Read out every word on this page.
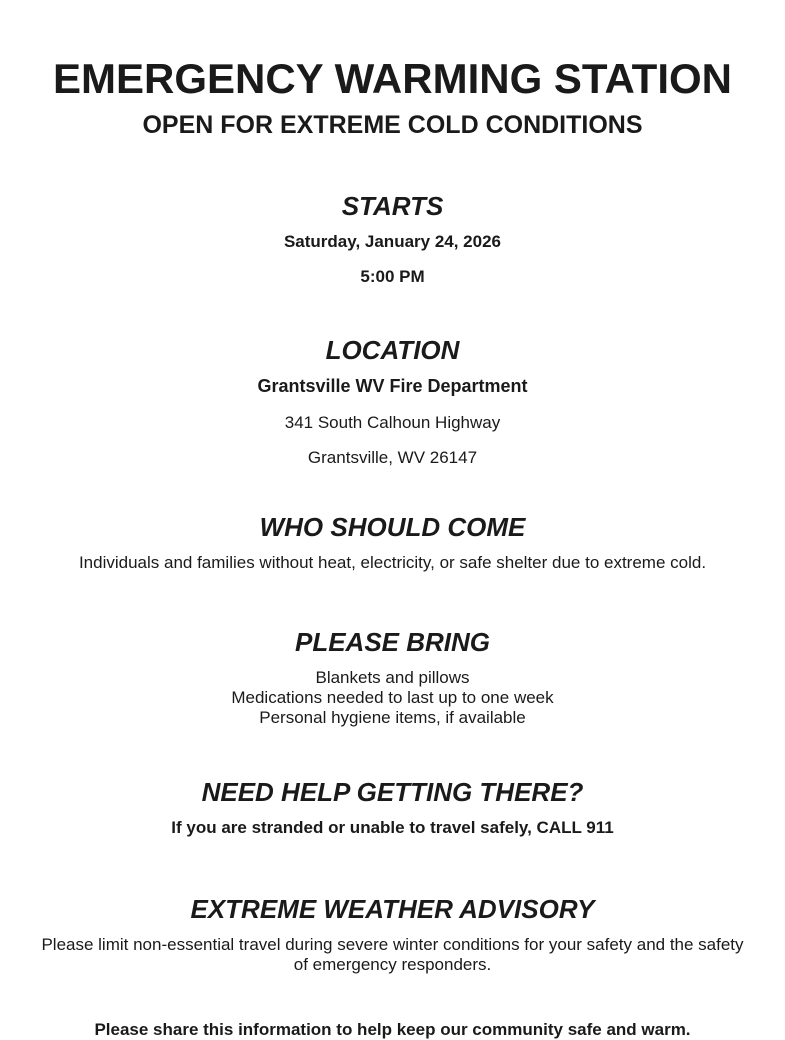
EMERGENCY WARMING STATION
OPEN FOR EXTREME COLD CONDITIONS
STARTS

Saturday, January 24, 2026

5:00 PM

LOCATION

Grantsville WV Fire Department

341 South Calhoun Highway

Grantsville, WV 26147

WHO SHOULD COME

Individuals and families without heat, electricity, or safe shelter due to extreme cold.

PLEASE BRING

Blankets and pillows

Medications needed to last up to one week

Personal hygiene items, if available

NEED HELP GETTING THERE?

If you are stranded or unable to travel safely, CALL 911

EXTREME WEATHER ADVISORY

Please limit non-essential travel during severe winter conditions for your safety and the safety of emergency responders.

Please share this information to help keep our community safe and warm.
